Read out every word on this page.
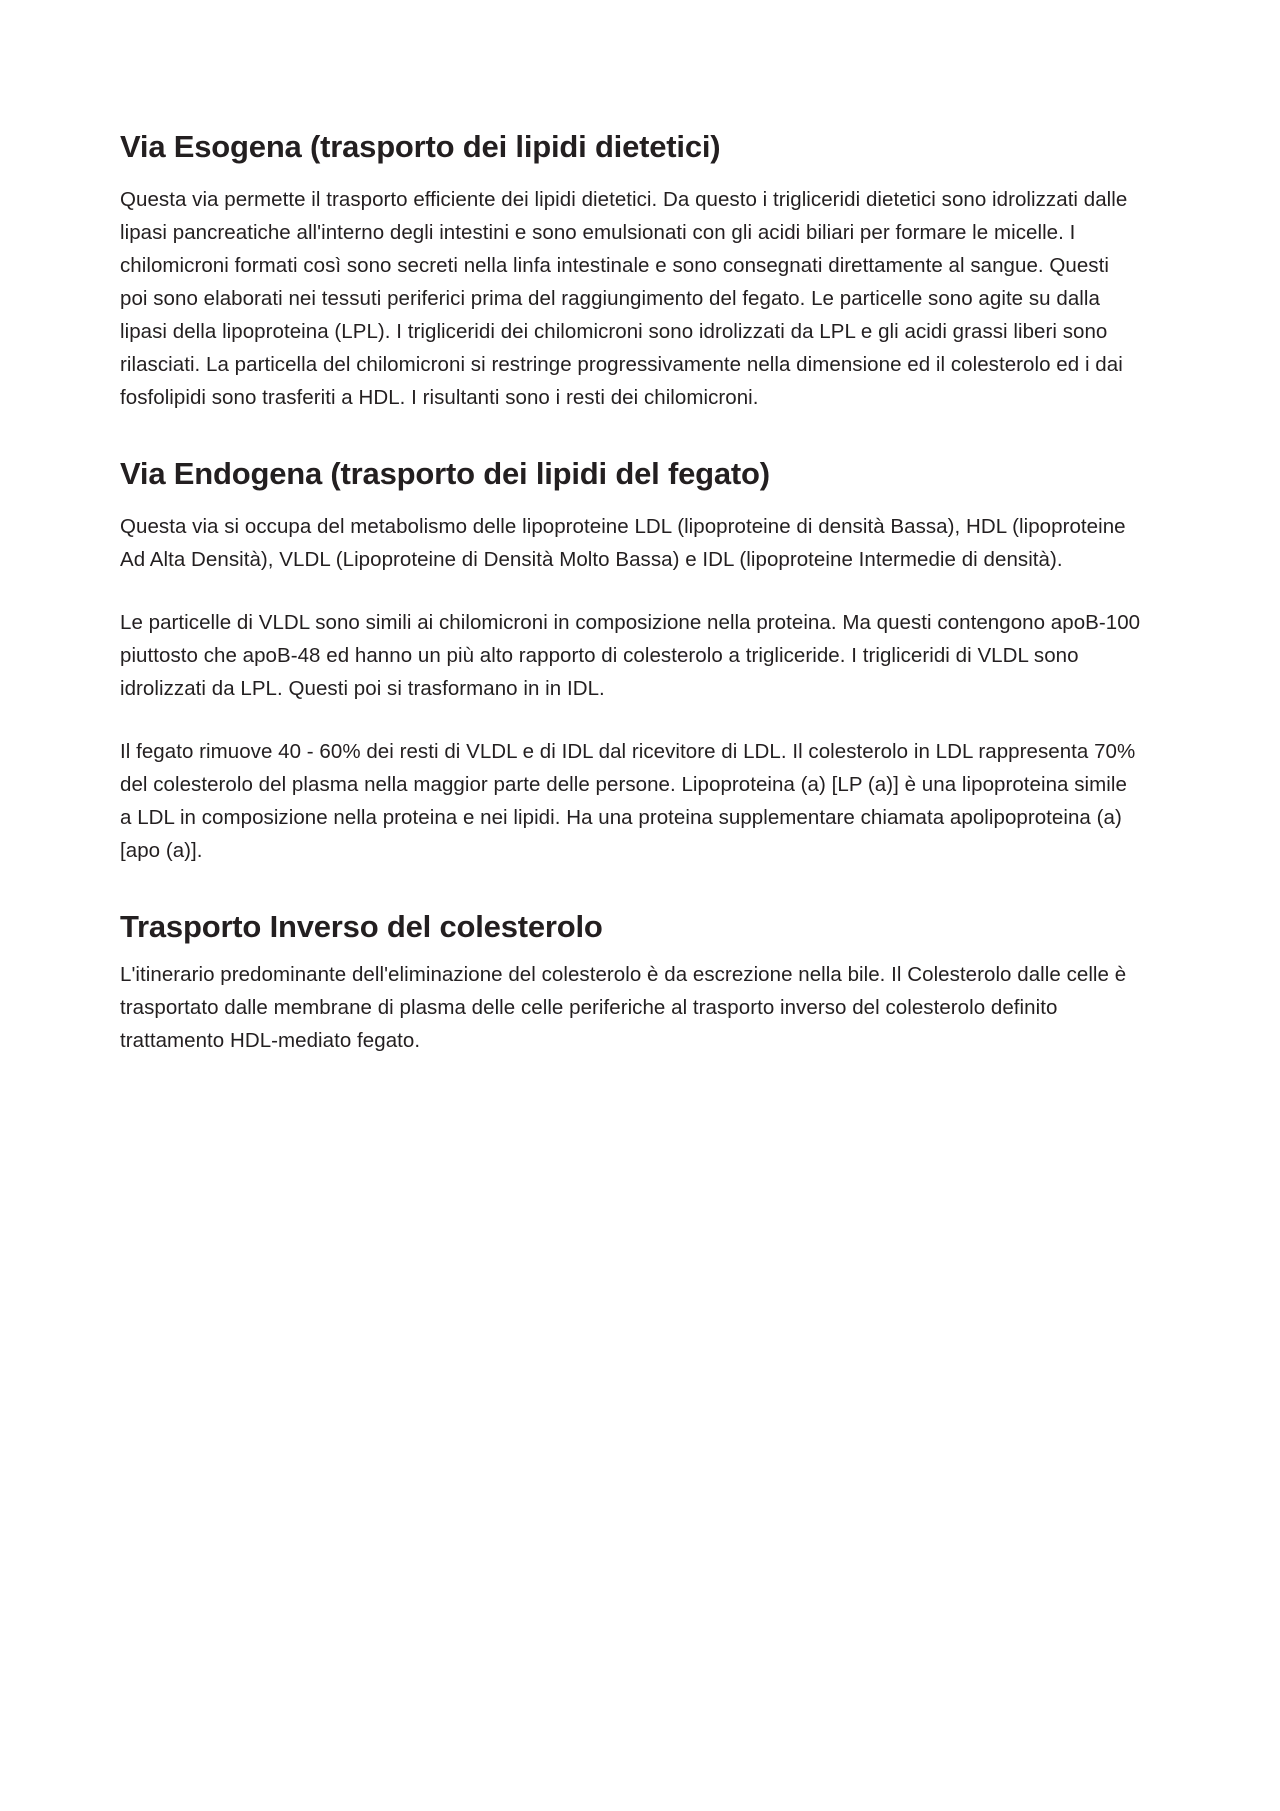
Via Esogena (trasporto dei lipidi dietetici)

Questa via permette il trasporto efficiente dei lipidi dietetici. Da questo i trigliceridi dietetici sono idrolizzati dalle lipasi pancreatiche all'interno degli intestini e sono emulsionati con gli acidi biliari per formare le micelle. I chilomicroni formati così sono secreti nella linfa intestinale e sono consegnati direttamente al sangue. Questi poi sono elaborati nei tessuti periferici prima del raggiungimento del fegato. Le particelle sono agite su dalla lipasi della lipoproteina (LPL). I trigliceridi dei chilomicroni sono idrolizzati da LPL e gli acidi grassi liberi sono rilasciati. La particella del chilomicroni si restringe progressivamente nella dimensione ed il colesterolo ed i dai fosfolipidi sono trasferiti a HDL. I risultanti sono i resti dei chilomicroni.

Via Endogena (trasporto dei lipidi del fegato)

Questa via si occupa del metabolismo delle lipoproteine LDL (lipoproteine di densità Bassa), HDL (lipoproteine Ad Alta Densità), VLDL (Lipoproteine di Densità Molto Bassa) e IDL (lipoproteine Intermedie di densità).

Le particelle di VLDL sono simili ai chilomicroni in composizione nella proteina. Ma questi contengono apoB-100 piuttosto che apoB-48 ed hanno un più alto rapporto di colesterolo a trigliceride. I trigliceridi di VLDL sono idrolizzati da LPL. Questi poi si trasformano in in IDL.

Il fegato rimuove 40 - 60% dei resti di VLDL e di IDL dal ricevitore di LDL. Il colesterolo in LDL rappresenta 70% del colesterolo del plasma nella maggior parte delle persone. Lipoproteina (a) [LP (a)] è una lipoproteina simile a LDL in composizione nella proteina e nei lipidi. Ha una proteina supplementare chiamata apolipoproteina (a) [apo (a)].

Trasporto Inverso del colesterolo

L'itinerario predominante dell'eliminazione del colesterolo è da escrezione nella bile. Il Colesterolo dalle celle è trasportato dalle membrane di plasma delle celle periferiche al trasporto inverso del colesterolo definito trattamento HDL-mediato fegato.
